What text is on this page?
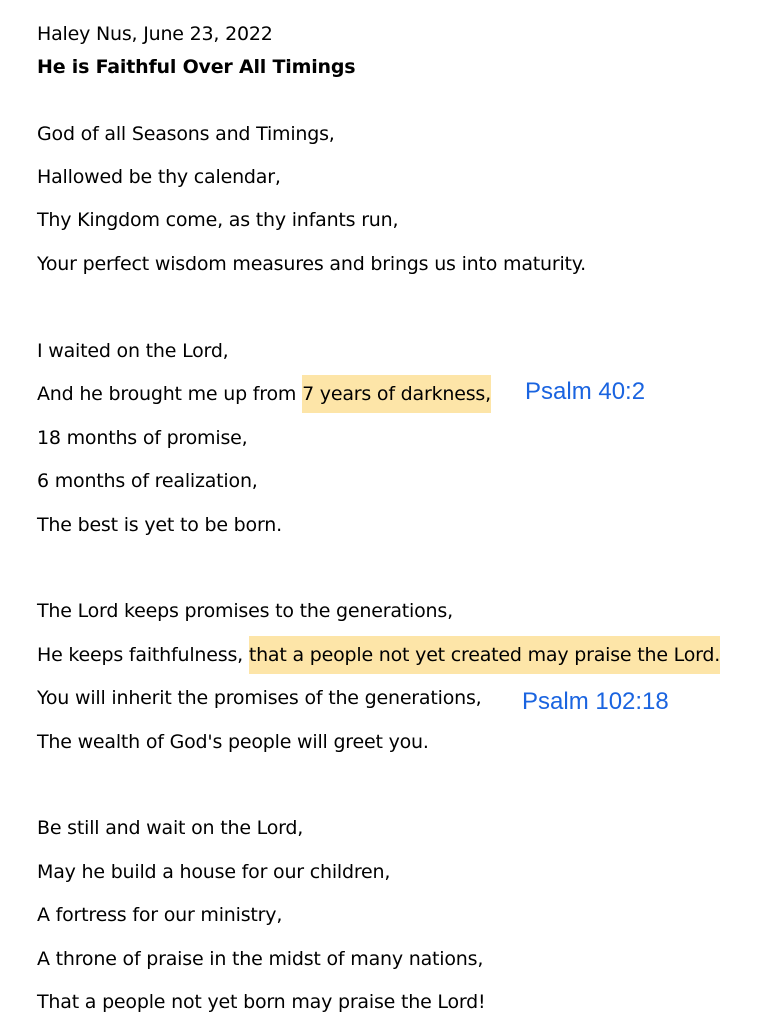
Haley Nus, June 23, 2022
He is Faithful Over All Timings
God of all Seasons and Timings,
Hallowed be thy calendar,
Thy Kingdom come, as thy infants run,
Your perfect wisdom measures and brings us into maturity.
I waited on the Lord,
And he brought me up from 7 years of darkness,
18 months of promise,
6 months of realization,
The best is yet to be born.
The Lord keeps promises to the generations,
He keeps faithfulness, that a people not yet created may praise the Lord.
You will inherit the promises of the generations,
The wealth of God's people will greet you.
Be still and wait on the Lord,
May he build a house for our children,
A fortress for our ministry,
A throne of praise in the midst of many nations,
That a people not yet born may praise the Lord!
Psalm 40:2
Psalm 102:18
